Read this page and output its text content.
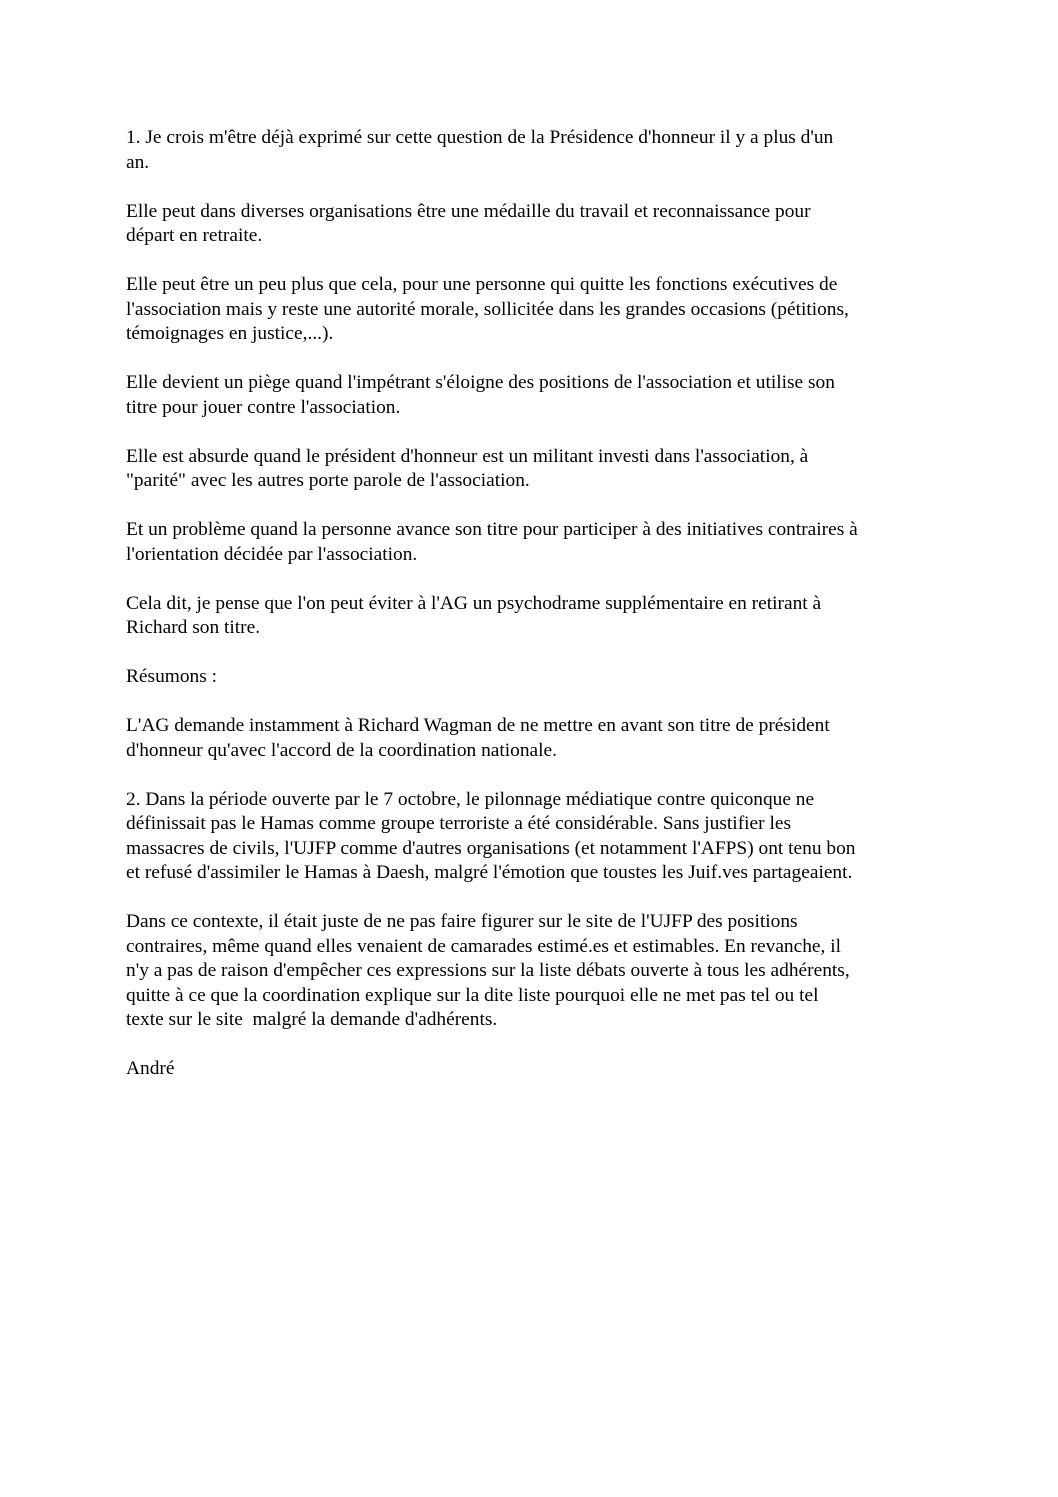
1. Je crois m'être déjà exprimé sur cette question de la Présidence d'honneur il y a plus d'un
an.

Elle peut dans diverses organisations être une médaille du travail et reconnaissance pour
départ en retraite.

Elle peut être un peu plus que cela, pour une personne qui quitte les fonctions exécutives de
l'association mais y reste une autorité morale, sollicitée dans les grandes occasions (pétitions,
témoignages en justice,...).

Elle devient un piège quand l'impétrant s'éloigne des positions de l'association et utilise son
titre pour jouer contre l'association.

Elle est absurde quand le président d'honneur est un militant investi dans l'association, à
"parité" avec les autres porte parole de l'association.

Et un problème quand la personne avance son titre pour participer à des initiatives contraires à
l'orientation décidée par l'association.

Cela dit, je pense que l'on peut éviter à l'AG un psychodrame supplémentaire en retirant à
Richard son titre.

Résumons :

L'AG demande instamment à Richard Wagman de ne mettre en avant son titre de président
d'honneur qu'avec l'accord de la coordination nationale.

2. Dans la période ouverte par le 7 octobre, le pilonnage médiatique contre quiconque ne
définissait pas le Hamas comme groupe terroriste a été considérable. Sans justifier les
massacres de civils, l'UJFP comme d'autres organisations (et notamment l'AFPS) ont tenu bon
et refusé d'assimiler le Hamas à Daesh, malgré l'émotion que toustes les Juif.ves partageaient.

Dans ce contexte, il était juste de ne pas faire figurer sur le site de l'UJFP des positions
contraires, même quand elles venaient de camarades estimé.es et estimables. En revanche, il
n'y a pas de raison d'empêcher ces expressions sur la liste débats ouverte à tous les adhérents,
quitte à ce que la coordination explique sur la dite liste pourquoi elle ne met pas tel ou tel
texte sur le site  malgré la demande d'adhérents.

André
